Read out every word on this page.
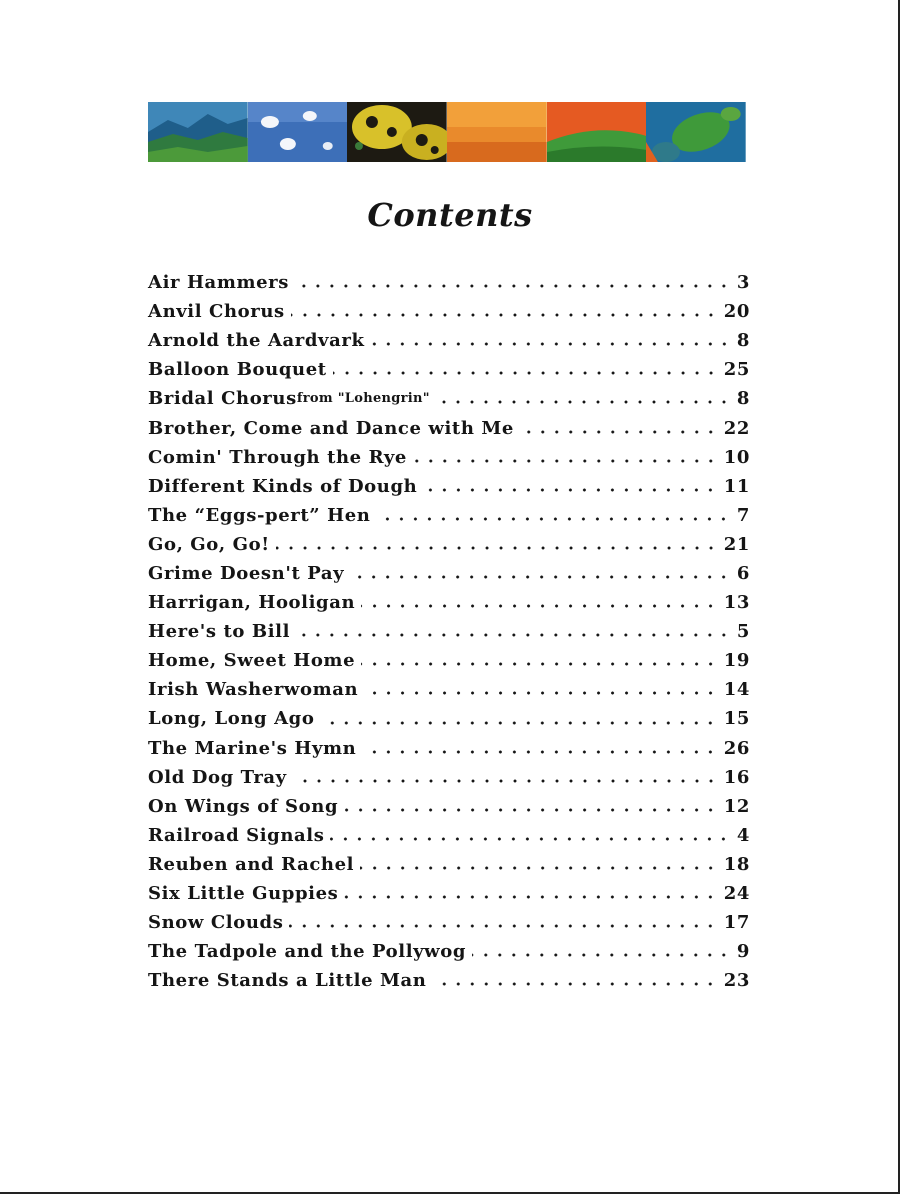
Contents
Air Hammers	3
Anvil Chorus	20
Arnold the Aardvark	8
Balloon Bouquet	25
Bridal Chorus from "Lohengrin"	8
Brother, Come and Dance with Me	22
Comin' Through the Rye	10
Different Kinds of Dough	11
The “Eggs-pert” Hen	7
Go, Go, Go!	21
Grime Doesn't Pay	6
Harrigan, Hooligan	13
Here's to Bill	5
Home, Sweet Home	19
Irish Washerwoman	14
Long, Long Ago	15
The Marine's Hymn	26
Old Dog Tray	16
On Wings of Song	12
Railroad Signals	4
Reuben and Rachel	18
Six Little Guppies	24
Snow Clouds	17
The Tadpole and the Pollywog	9
There Stands a Little Man	23
